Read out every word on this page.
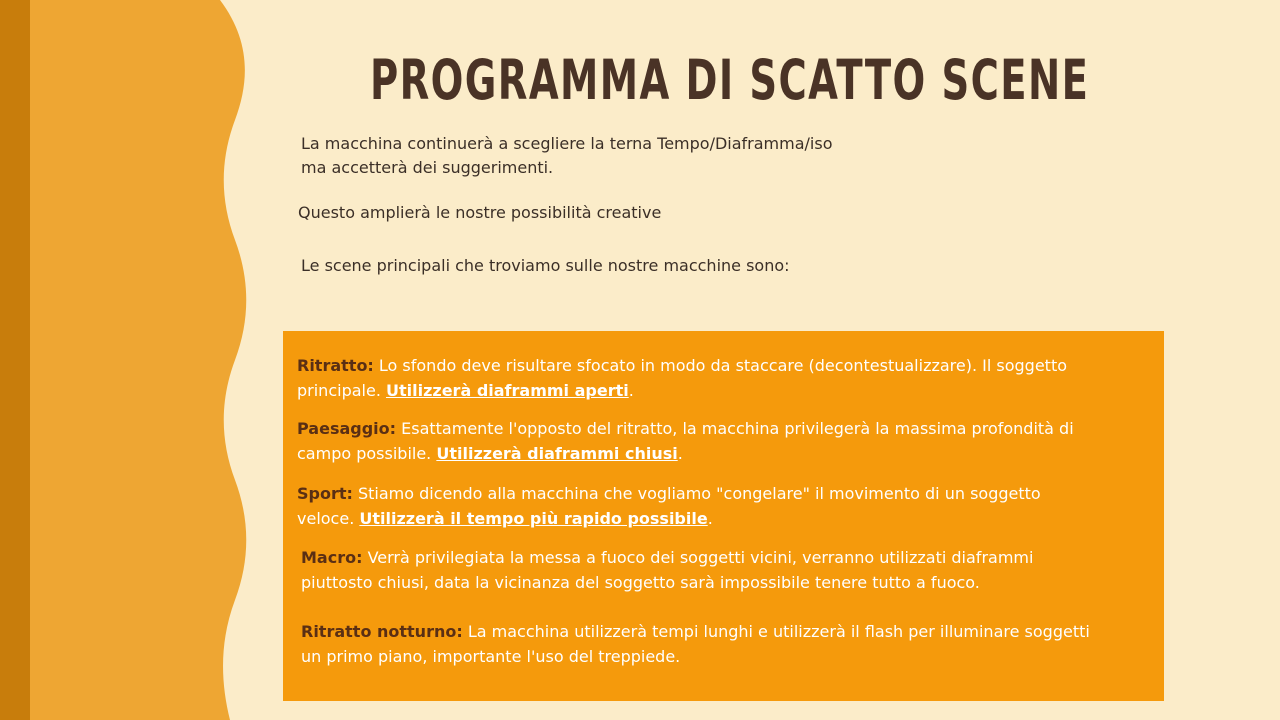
PROGRAMMA DI SCATTO SCENE

La macchina continuerà a scegliere la terna Tempo/Diaframma/iso
ma accetterà dei suggerimenti.

Questo amplierà le nostre possibilità creative

Le scene principali che troviamo sulle nostre macchine sono:

Ritratto: Lo sfondo deve risultare sfocato in modo da staccare (decontestualizzare). Il soggetto
principale. Utilizzerà diaframmi aperti.

Paesaggio: Esattamente l'opposto del ritratto, la macchina privilegerà la massima profondità di
campo possibile. Utilizzerà diaframmi chiusi.

Sport: Stiamo dicendo alla macchina che vogliamo "congelare" il movimento di un soggetto
veloce. Utilizzerà il tempo più rapido possibile.

Macro: Verrà privilegiata la messa a fuoco dei soggetti vicini, verranno utilizzati diaframmi
piuttosto chiusi, data la vicinanza del soggetto sarà impossibile tenere tutto a fuoco.

Ritratto notturno: La macchina utilizzerà tempi lunghi e utilizzerà il flash per illuminare soggetti
un primo piano, importante l'uso del treppiede.
